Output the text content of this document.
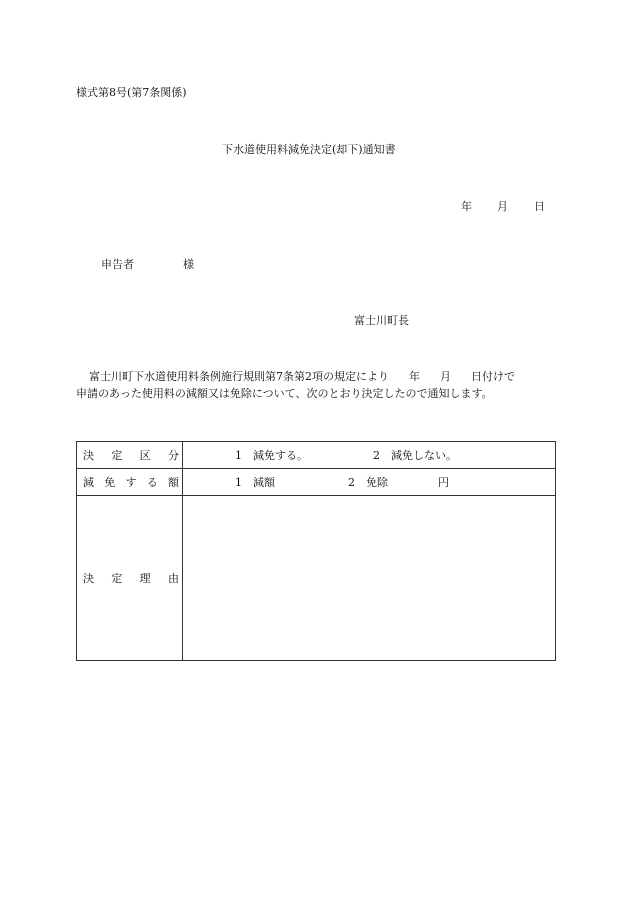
様式第8号(第7条関係)
下水道使用料減免決定(却下)通知書
年 月 日
申告者	様
富士川町長
富士川町下水道使用料条例施行規則第7条第2項の規定により 年 月 日付けで
申請のあった使用料の減額又は免除について、次のとおり決定したので通知します。
決 定 区 分	1　減免する。 2　減免しない。

減 免 す る 額	1　減額 2　免除 円

決 定 理 由	
